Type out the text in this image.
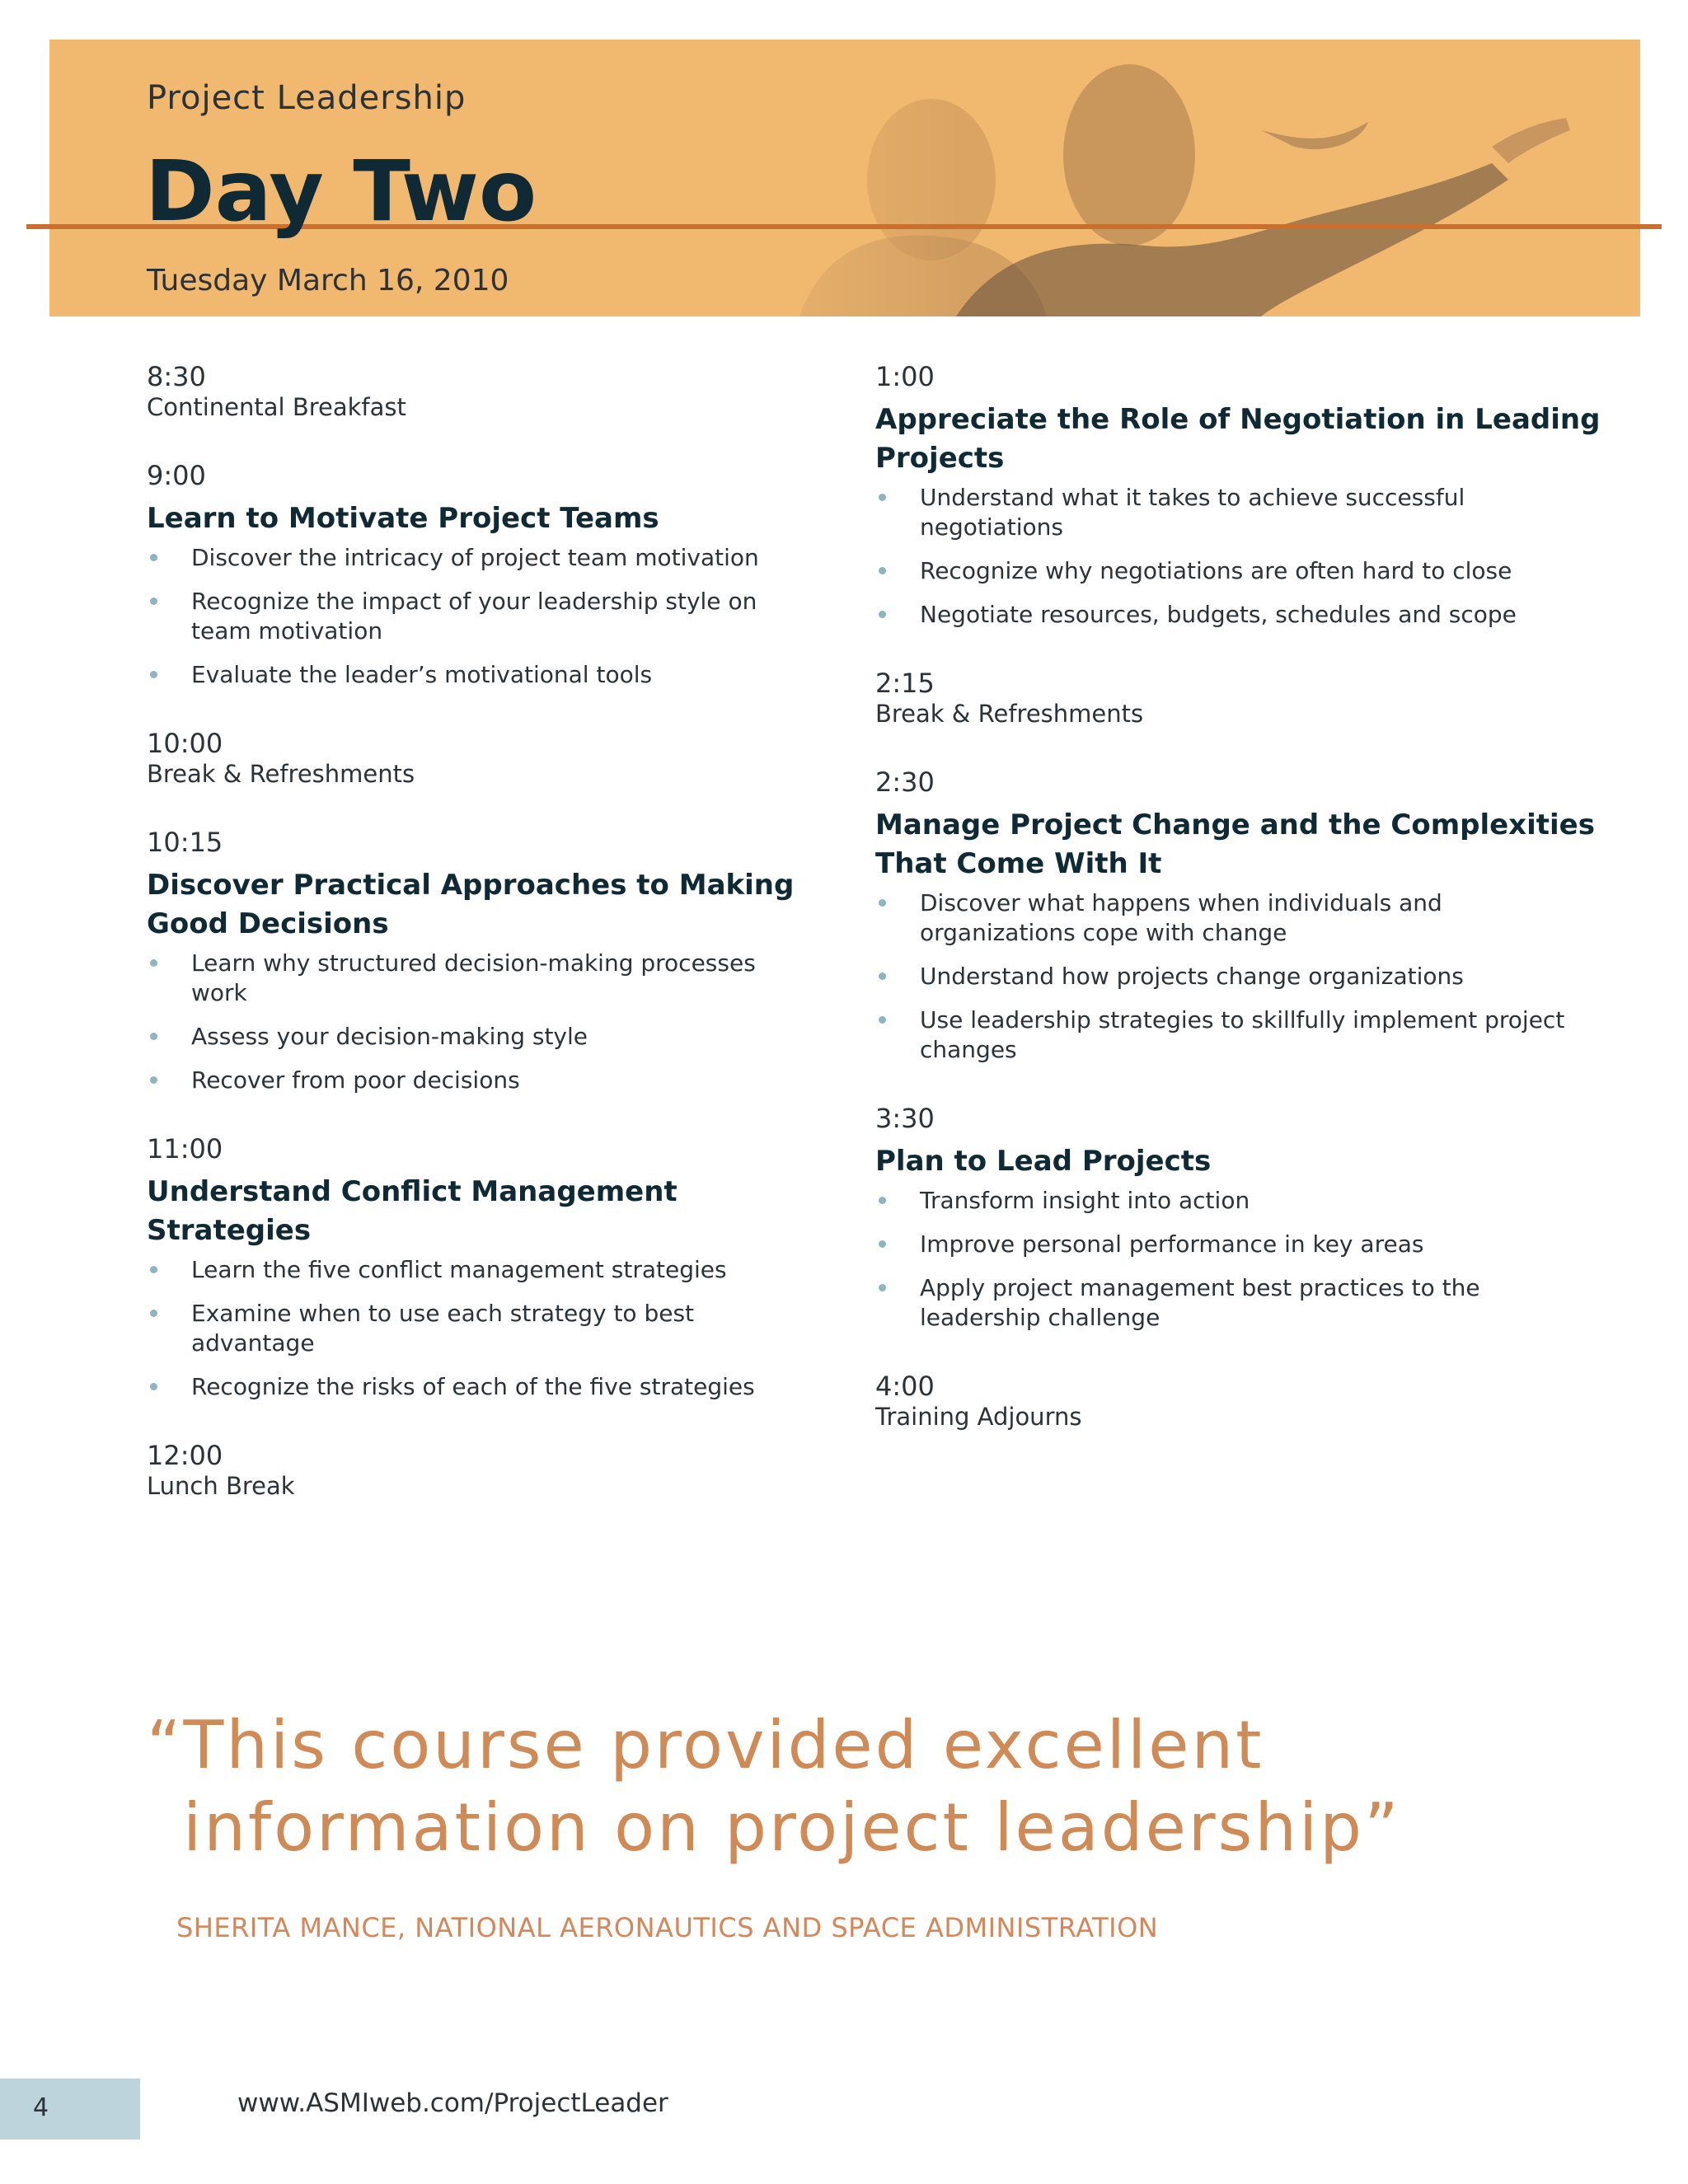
Project Leadership
Day Two
Tuesday March 16, 2010
8:30
Continental Breakfast
9:00
Learn to Motivate Project Teams
Discover the intricacy of project team motivation
Recognize the impact of your leadership style on team motivation
Evaluate the leader’s motivational tools
10:00
Break & Refreshments
10:15
Discover Practical Approaches to Making Good Decisions
Learn why structured decision-making processes work
Assess your decision-making style
Recover from poor decisions
11:00
Understand Conflict Management Strategies
Learn the five conflict management strategies
Examine when to use each strategy to best advantage
Recognize the risks of each of the five strategies
12:00
Lunch Break
1:00
Appreciate the Role of Negotiation in Leading Projects
Understand what it takes to achieve successful negotiations
Recognize why negotiations are often hard to close
Negotiate resources, budgets, schedules and scope
2:15
Break & Refreshments
2:30
Manage Project Change and the Complexities That Come With It
Discover what happens when individuals and organizations cope with change
Understand how projects change organizations
Use leadership strategies to skillfully implement project changes
3:30
Plan to Lead Projects
Transform insight into action
Improve personal performance in key areas
Apply project management best practices to the leadership challenge
4:00
Training Adjourns
“This course provided excellent
information on project leadership”
SHERITA MANCE, NATIONAL AERONAUTICS AND SPACE ADMINISTRATION
4	www.ASMIweb.com/ProjectLeader
